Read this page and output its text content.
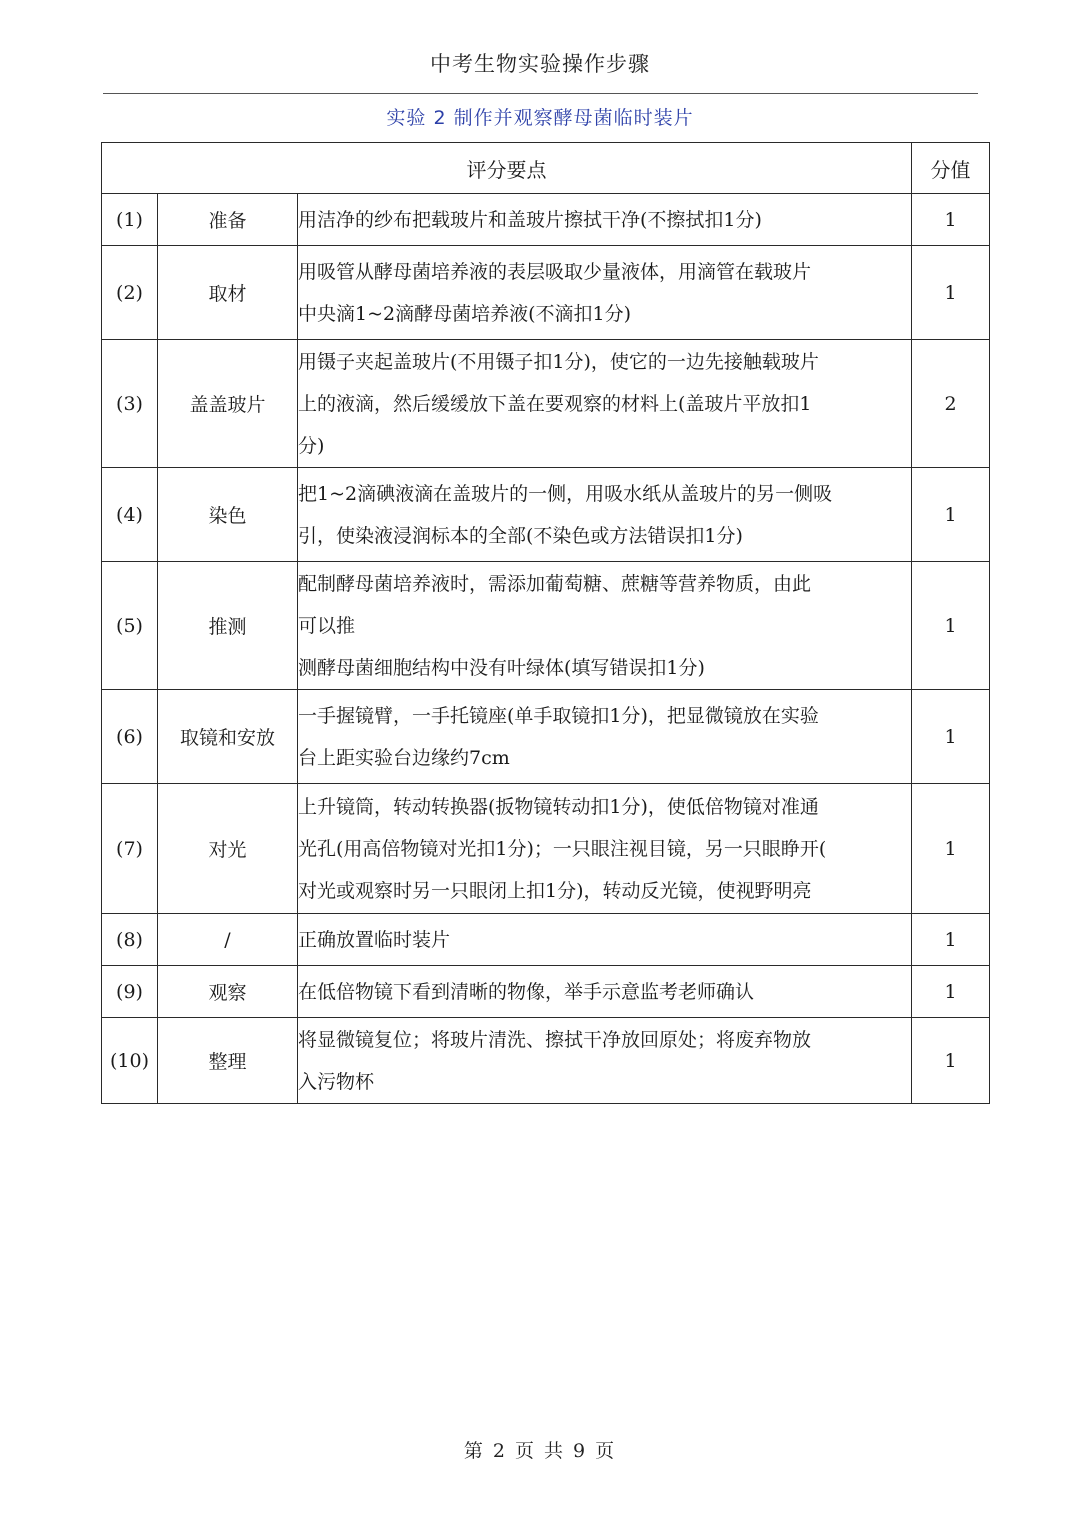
中考生物实验操作步骤
实验 2 制作并观察酵母菌临时装片
评分要点			分值
(1)	准备	用洁净的纱布把载玻片和盖玻片擦拭干净(不擦拭扣1分)	1
(2)	取材	用吸管从酵母菌培养液的表层吸取少量液体，用滴管在载玻片
中央滴1~2滴酵母菌培养液(不滴扣1分)	1
(3)	盖盖玻片	用镊子夹起盖玻片(不用镊子扣1分)，使它的一边先接触载玻片
上的液滴，然后缓缓放下盖在要观察的材料上(盖玻片平放扣1
分)	2
(4)	染色	把1~2滴碘液滴在盖玻片的一侧，用吸水纸从盖玻片的另一侧吸
引，使染液浸润标本的全部(不染色或方法错误扣1分)	1
(5)	推测	配制酵母菌培养液时，需添加葡萄糖、蔗糖等营养物质，由此
可以推
测酵母菌细胞结构中没有叶绿体(填写错误扣1分)	1
(6)	取镜和安放	一手握镜臂，一手托镜座(单手取镜扣1分)，把显微镜放在实验
台上距实验台边缘约7cm	1
(7)	对光	上升镜筒，转动转换器(扳物镜转动扣1分)，使低倍物镜对准通
光孔(用高倍物镜对光扣1分)；一只眼注视目镜，另一只眼睁开(
对光或观察时另一只眼闭上扣1分)，转动反光镜，使视野明亮	1
(8)	/	正确放置临时装片	1
(9)	观察	在低倍物镜下看到清晰的物像，举手示意监考老师确认	1
(10)	整理	将显微镜复位；将玻片清洗、擦拭干净放回原处；将废弃物放
入污物杯	1
第 2 页 共 9 页
